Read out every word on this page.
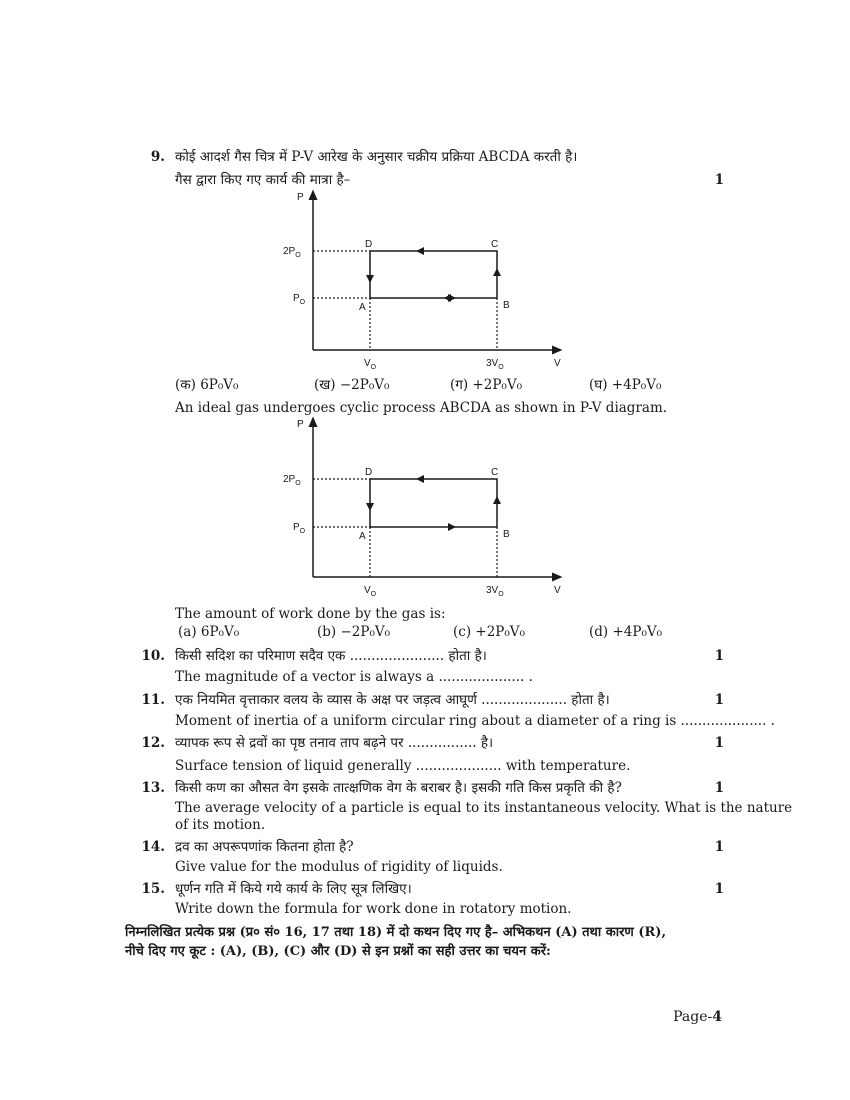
9. कोई आदर्श गैस चित्र में P-V आरेख के अनुसार चक्रीय प्रक्रिया ABCDA करती है।
गैस द्वारा किए गए कार्य की मात्रा है–	1
P
V
$2P_O$
$P_O$
$V_O$	$3V_O$
A	B
C
D
(क) 6P₀V₀	(ख) −2P₀V₀	(ग) +2P₀V₀	(घ) +4P₀V₀
An ideal gas undergoes cyclic process ABCDA as shown in P-V diagram.
P
V
$2P_O$
$P_O$
$V_O$	$3V_O$
A	B
C
D
The amount of work done by the gas is:
(a) 6P₀V₀	(b) −2P₀V₀	(c) +2P₀V₀	(d) +4P₀V₀
10. किसी सदिश का परिमाण सदैव एक ...................... होता है।	1
The magnitude of a vector is always a .................... .
11. एक नियमित वृत्ताकार वलय के व्यास के अक्ष पर जड़त्व आघूर्ण .................... होता है।	1
Moment of inertia of a uniform circular ring about a diameter of a ring is .................... .
12. व्यापक रूप से द्रवों का पृष्ठ तनाव ताप बढ़ने पर ................ है।	1
Surface tension of liquid generally .................... with temperature.
13. किसी कण का औसत वेग इसके तात्क्षणिक वेग के बराबर है। इसकी गति किस प्रकृति की है?	1
The average velocity of a particle is equal to its instantaneous velocity. What is the nature
of its motion.
14. द्रव का अपरूपणांक कितना होता है?	1
Give value for the modulus of rigidity of liquids.
15. धूर्णन गति में किये गये कार्य के लिए सूत्र लिखिए।	1
Write down the formula for work done in rotatory motion.
निम्नलिखित प्रत्येक प्रश्न (प्र० सं० 16, 17 तथा 18) में दो कथन दिए गए है– अभिकथन (A) तथा कारण (R),
नीचे दिए गए कूट : (A), (B), (C) और (D) से इन प्रश्नों का सही उत्तर का चयन करें:
Page-4
